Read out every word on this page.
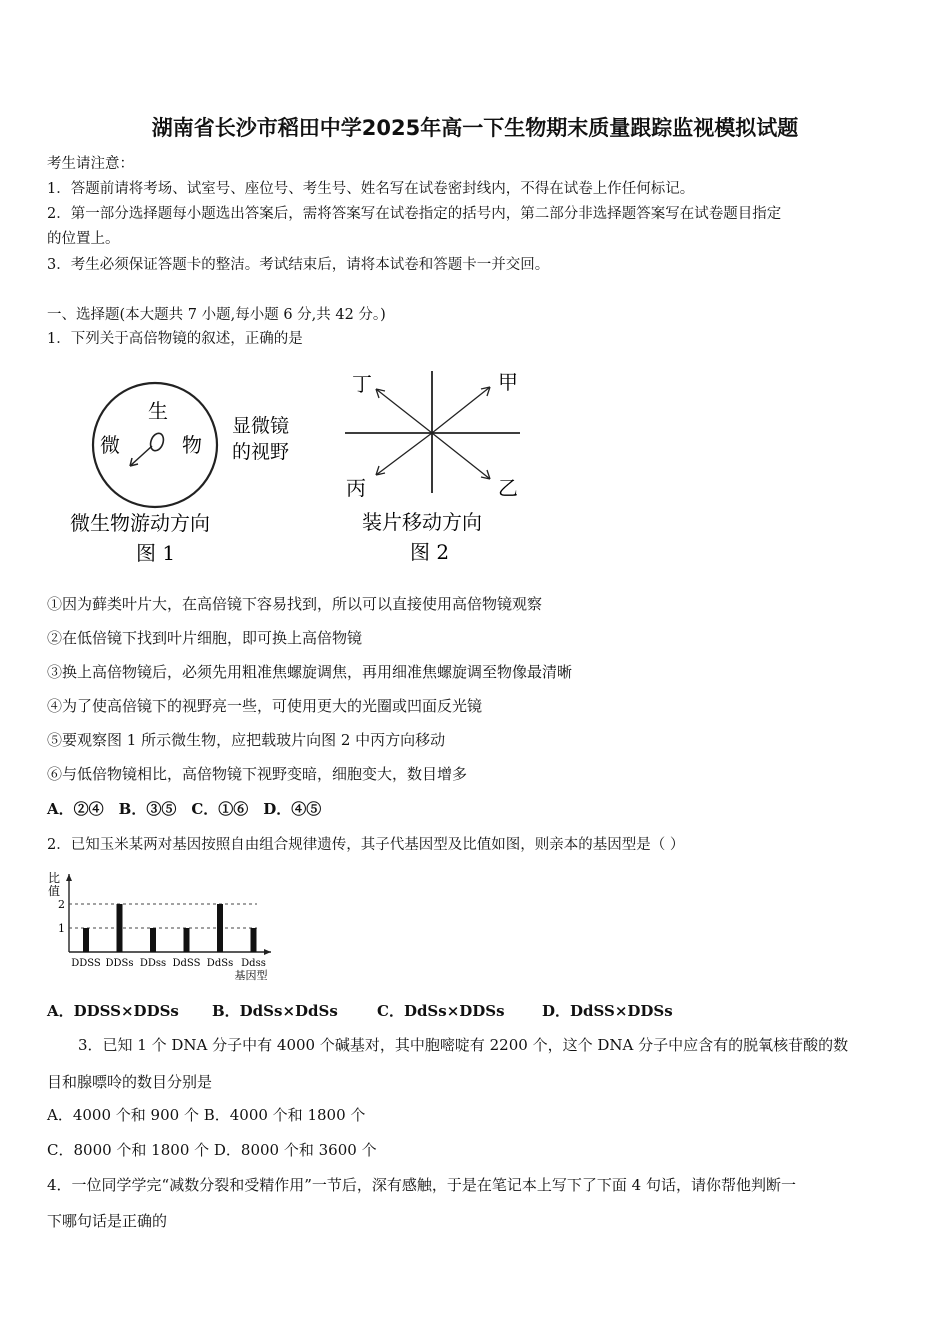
湖南省长沙市稻田中学2025年高一下生物期末质量跟踪监视模拟试题
考生请注意：
1．答题前请将考场、试室号、座位号、考生号、姓名写在试卷密封线内，不得在试卷上作任何标记。
2．第一部分选择题每小题选出答案后，需将答案写在试卷指定的括号内，第二部分非选择题答案写在试卷题目指定
的位置上。
3．考生必须保证答题卡的整洁。考试结束后，请将本试卷和答题卡一并交回。
一、选择题(本大题共 7 小题,每小题 6 分,共 42 分。)
1．下列关于高倍物镜的叙述，正确的是
生
微	物
显微镜
的视野
微生物游动方向
图 1
丁	甲
丙	乙
装片移动方向
图 2
①因为藓类叶片大，在高倍镜下容易找到，所以可以直接使用高倍物镜观察
②在低倍镜下找到叶片细胞，即可换上高倍物镜
③换上高倍物镜后，必须先用粗准焦螺旋调焦，再用细准焦螺旋调至物像最清晰
④为了使高倍镜下的视野亮一些，可使用更大的光圈或凹面反光镜
⑤要观察图 1 所示微生物，应把载玻片向图 2 中丙方向移动
⑥与低倍物镜相比，高倍物镜下视野变暗，细胞变大，数目增多
A．②④　B．③⑤　C．①⑥　D．④⑤
2．已知玉米某两对基因按照自由组合规律遗传，其子代基因型及比值如图，则亲本的基因型是（ ）
比
值
1
2
DDSS DDSs DDss DdSS DdSs Ddss
基因型
A．DDSS×DDSs B．DdSs×DdSs	C．DdSs×DDSs D．DdSS×DDSs
3．已知 1 个 DNA 分子中有 4000 个碱基对，其中胞嘧啶有 2200 个，这个 DNA 分子中应含有的脱氧核苷酸的数
目和腺嘌呤的数目分别是
A．4000 个和 900 个 B．4000 个和 1800 个
C．8000 个和 1800 个 D．8000 个和 3600 个
4．一位同学学完“减数分裂和受精作用”一节后，深有感触，于是在笔记本上写下了下面 4 句话，请你帮他判断一
下哪句话是正确的
